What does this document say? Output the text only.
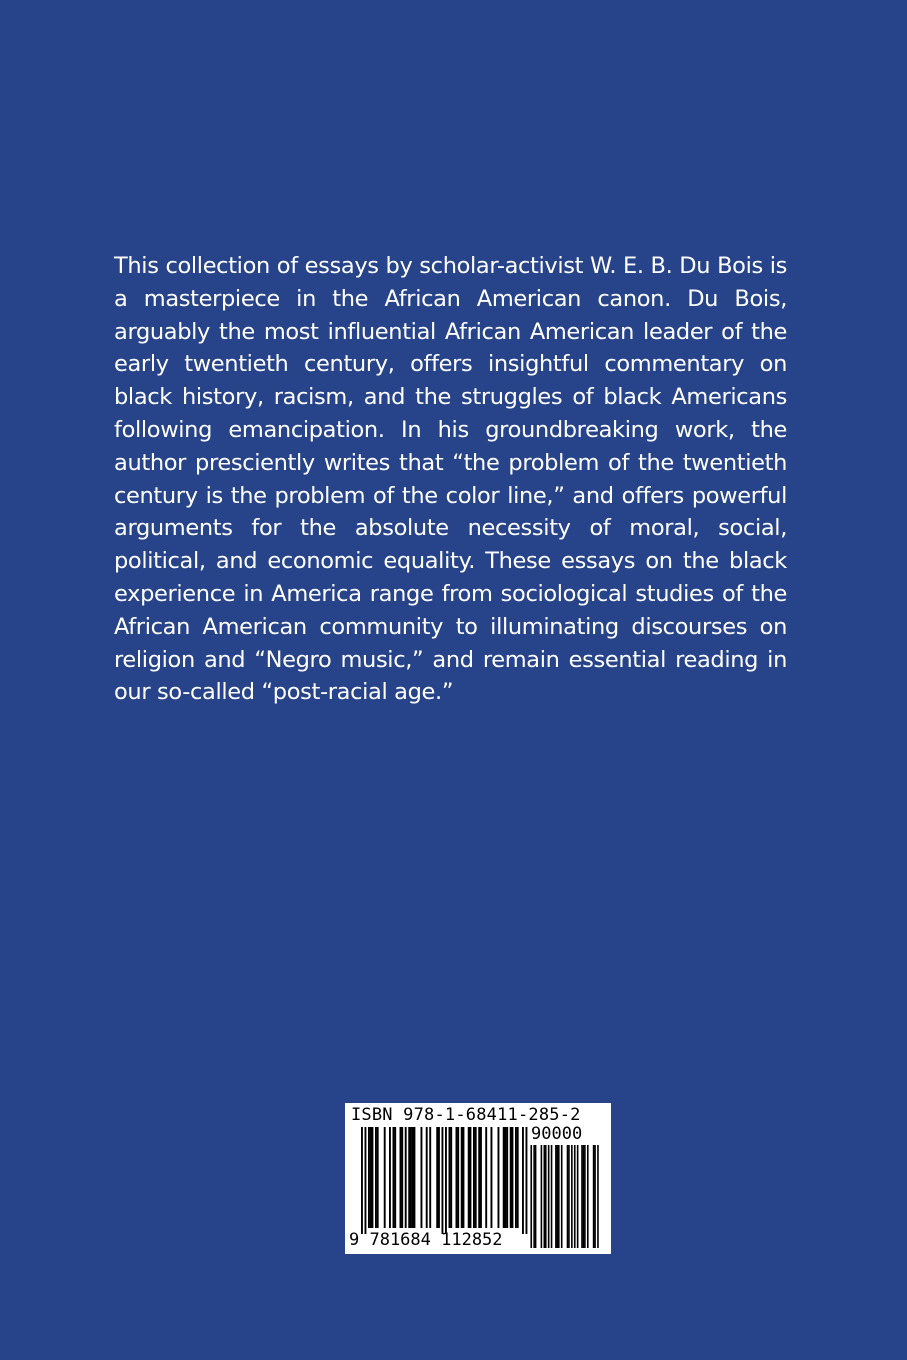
This collection of essays by scholar-activist W. E. B. Du Bois is a masterpiece in the African American canon. Du Bois, arguably the most influential African American leader of the early twentieth century, offers insightful commentary on black history, racism, and the struggles of black Americans following emancipation. In his groundbreaking work, the author presciently writes that “the problem of the twentieth century is the problem of the color line,” and offers powerful arguments for the absolute necessity of moral, social, political, and economic equality. These essays on the black experience in America range from sociological studies of the African American community to illuminating discourses on religion and “Negro music,” and remain essential reading in our so-called “post-racial age.”

ISBN 978-1-68411-285-2
90000
9 781684 112852
